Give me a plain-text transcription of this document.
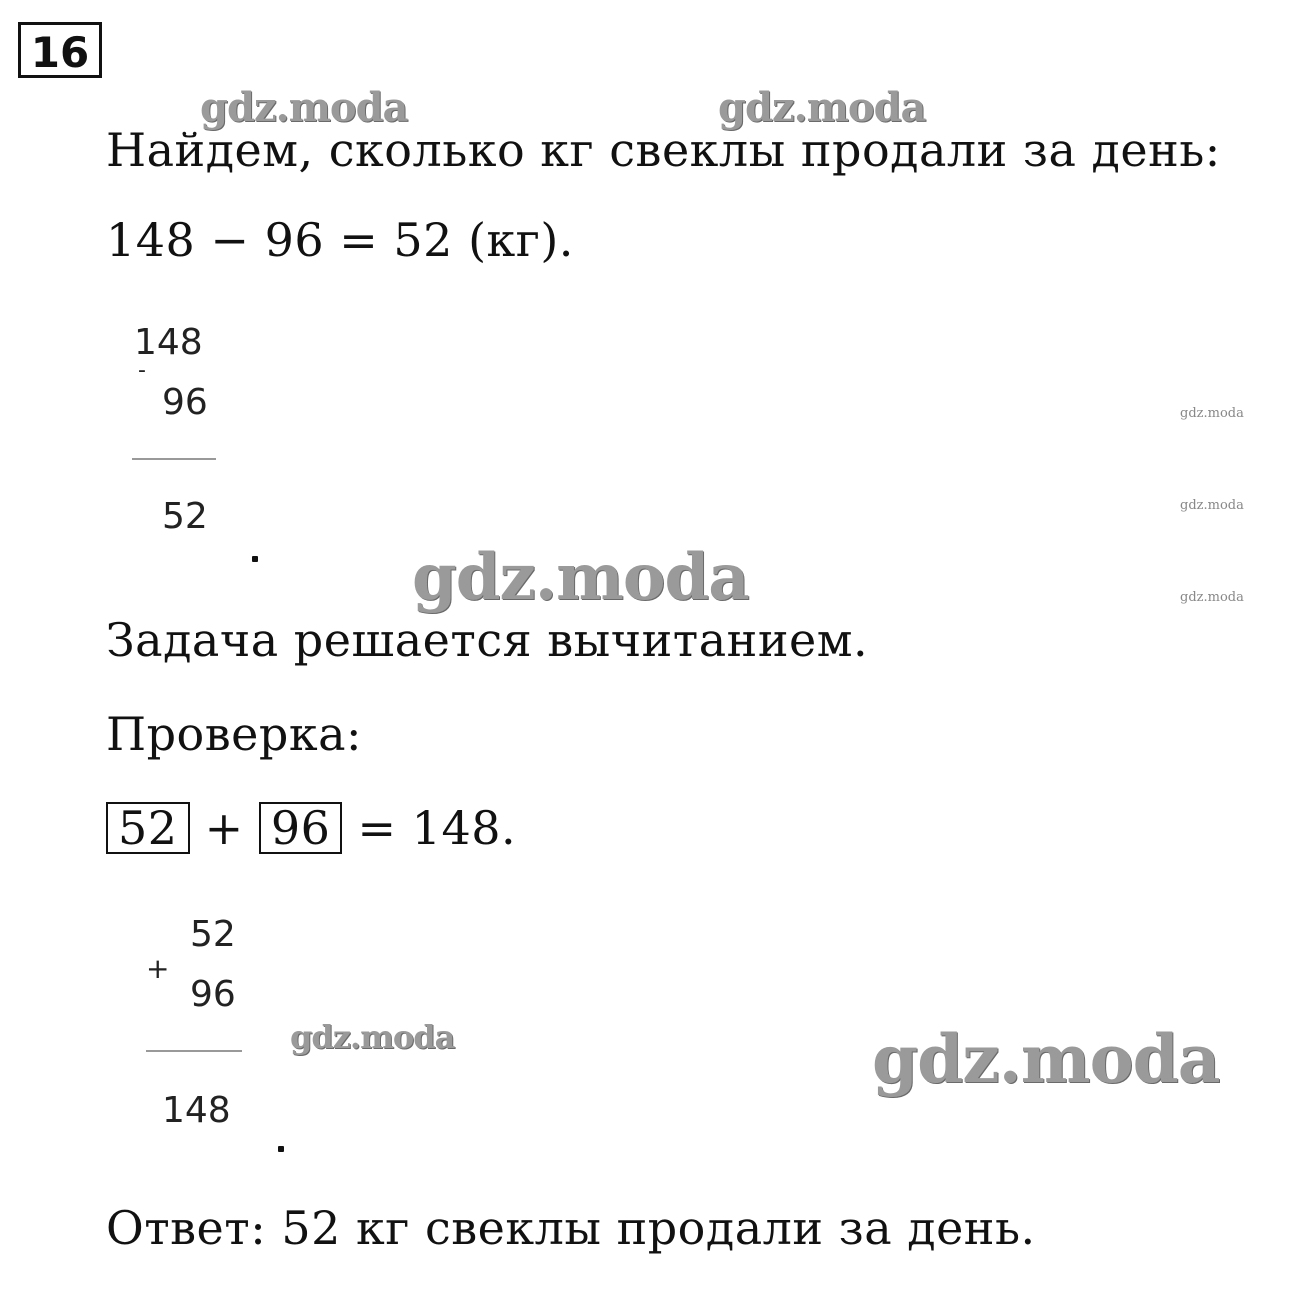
16
gdz.moda	gdz.moda
gdz.moda
gdz.moda	gdz.moda
gdz.moda
gdz.moda
gdz.moda
Найдем, сколько кг свеклы продали за день:
148 − 96 = 52 (кг).
148
-
96
52
Задача решается вычитанием.
Проверка:
52 + 96 = 148.
52
+
96
148
Ответ: 52 кг свеклы продали за день.
